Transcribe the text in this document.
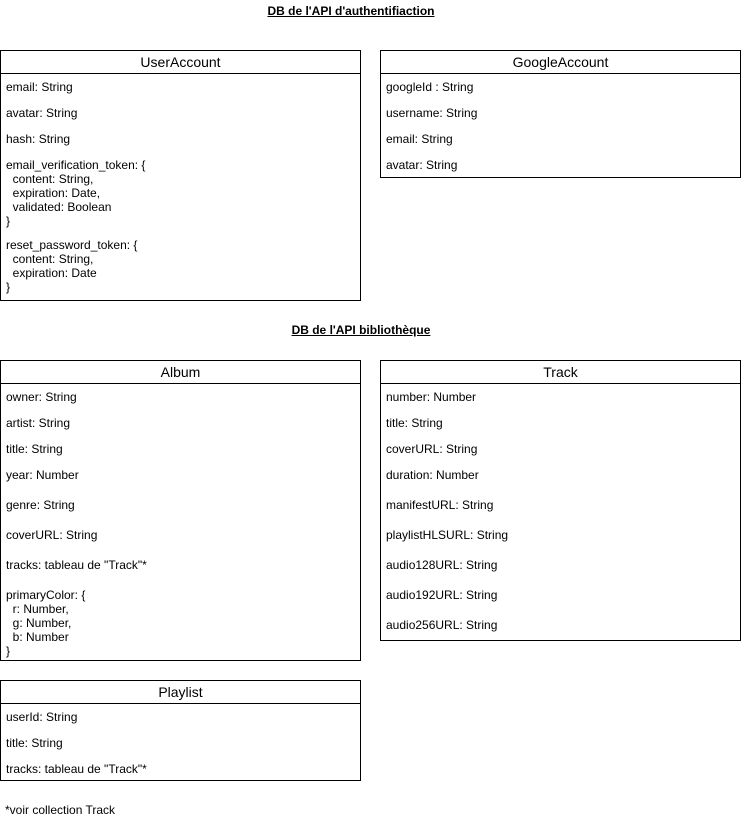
DB de l'API d'authentifiaction
DB de l'API bibliothèque
UserAccount
email: String
avatar: String
hash: String
email_verification_token: {
content: String,
expiration: Date,
validated: Boolean
}
reset_password_token: {
content: String,
expiration: Date
}
GoogleAccount
googleId : String
username: String
email: String
avatar: String
Album
owner: String
artist: String
title: String
year: Number
genre: String
coverURL: String
tracks: tableau de "Track"*
primaryColor: {
r: Number,
g: Number,
b: Number
}
Track
number: Number
title: String
coverURL: String
duration: Number
manifestURL: String
playlistHLSURL: String
audio128URL: String
audio192URL: String
audio256URL: String
Playlist
userId: String
title: String
tracks: tableau de "Track"*
*voir collection Track
